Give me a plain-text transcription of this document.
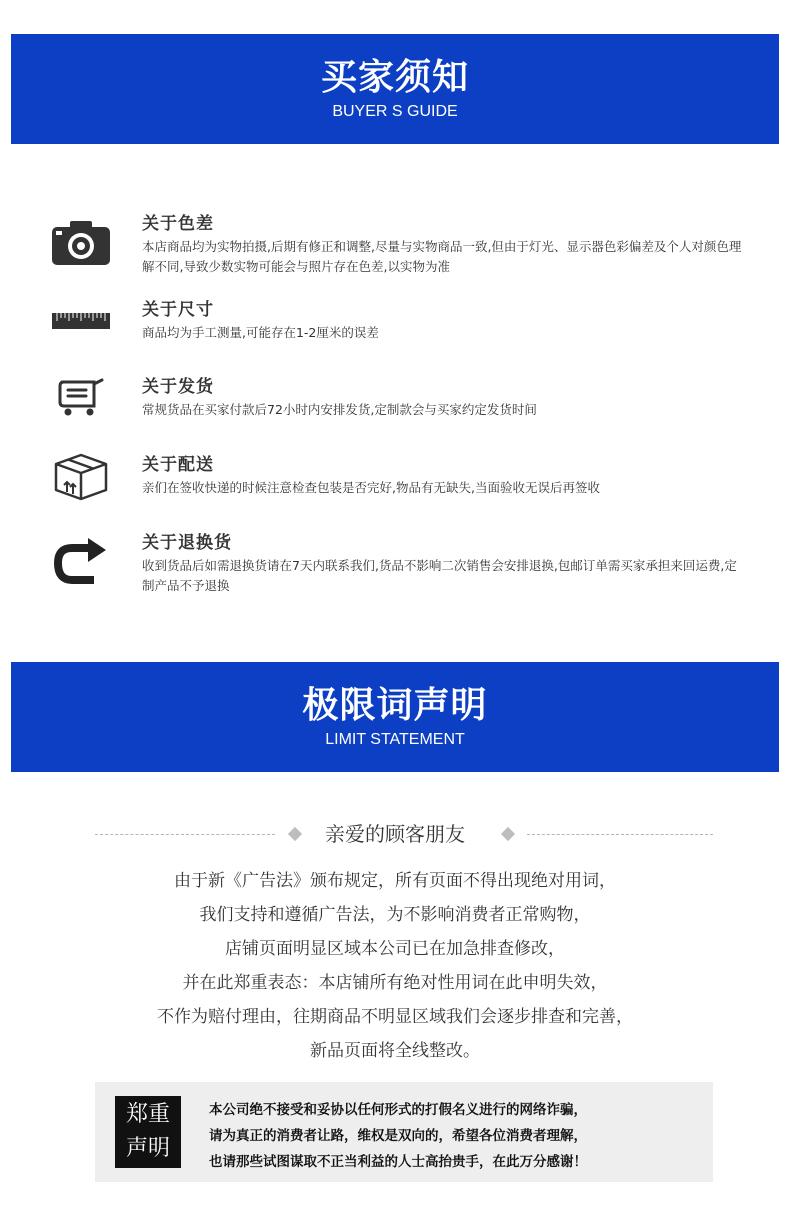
买家须知
BUYER S GUIDE
关于色差
本店商品均为实物拍摄,后期有修正和调整,尽量与实物商品一致,但由于灯光、显示器色彩偏差及个人对颜色理解不同,导致少数实物可能会与照片存在色差,以实物为准
关于尺寸
商品均为手工测量,可能存在1-2厘米的误差
关于发货
常规货品在买家付款后72小时内安排发货,定制款会与买家约定发货时间
关于配送
亲们在签收快递的时候注意检查包装是否完好,物品有无缺失,当面验收无误后再签收
关于退换货
收到货品后如需退换货请在7天内联系我们,货品不影响二次销售会安排退换,包邮订单需买家承担来回运费,定制产品不予退换
极限词声明
LIMIT STATEMENT
亲爱的顾客朋友
由于新《广告法》颁布规定，所有页面不得出现绝对用词，
我们支持和遵循广告法，为不影响消费者正常购物，
店铺页面明显区域本公司已在加急排查修改，
并在此郑重表态：本店铺所有绝对性用词在此申明失效，
不作为赔付理由，往期商品不明显区域我们会逐步排查和完善，
新品页面将全线整改。
郑重
声明
本公司绝不接受和妥协以任何形式的打假名义进行的网络诈骗，
请为真正的消费者让路，维权是双向的，希望各位消费者理解，
也请那些试图谋取不正当利益的人士高抬贵手，在此万分感谢！
